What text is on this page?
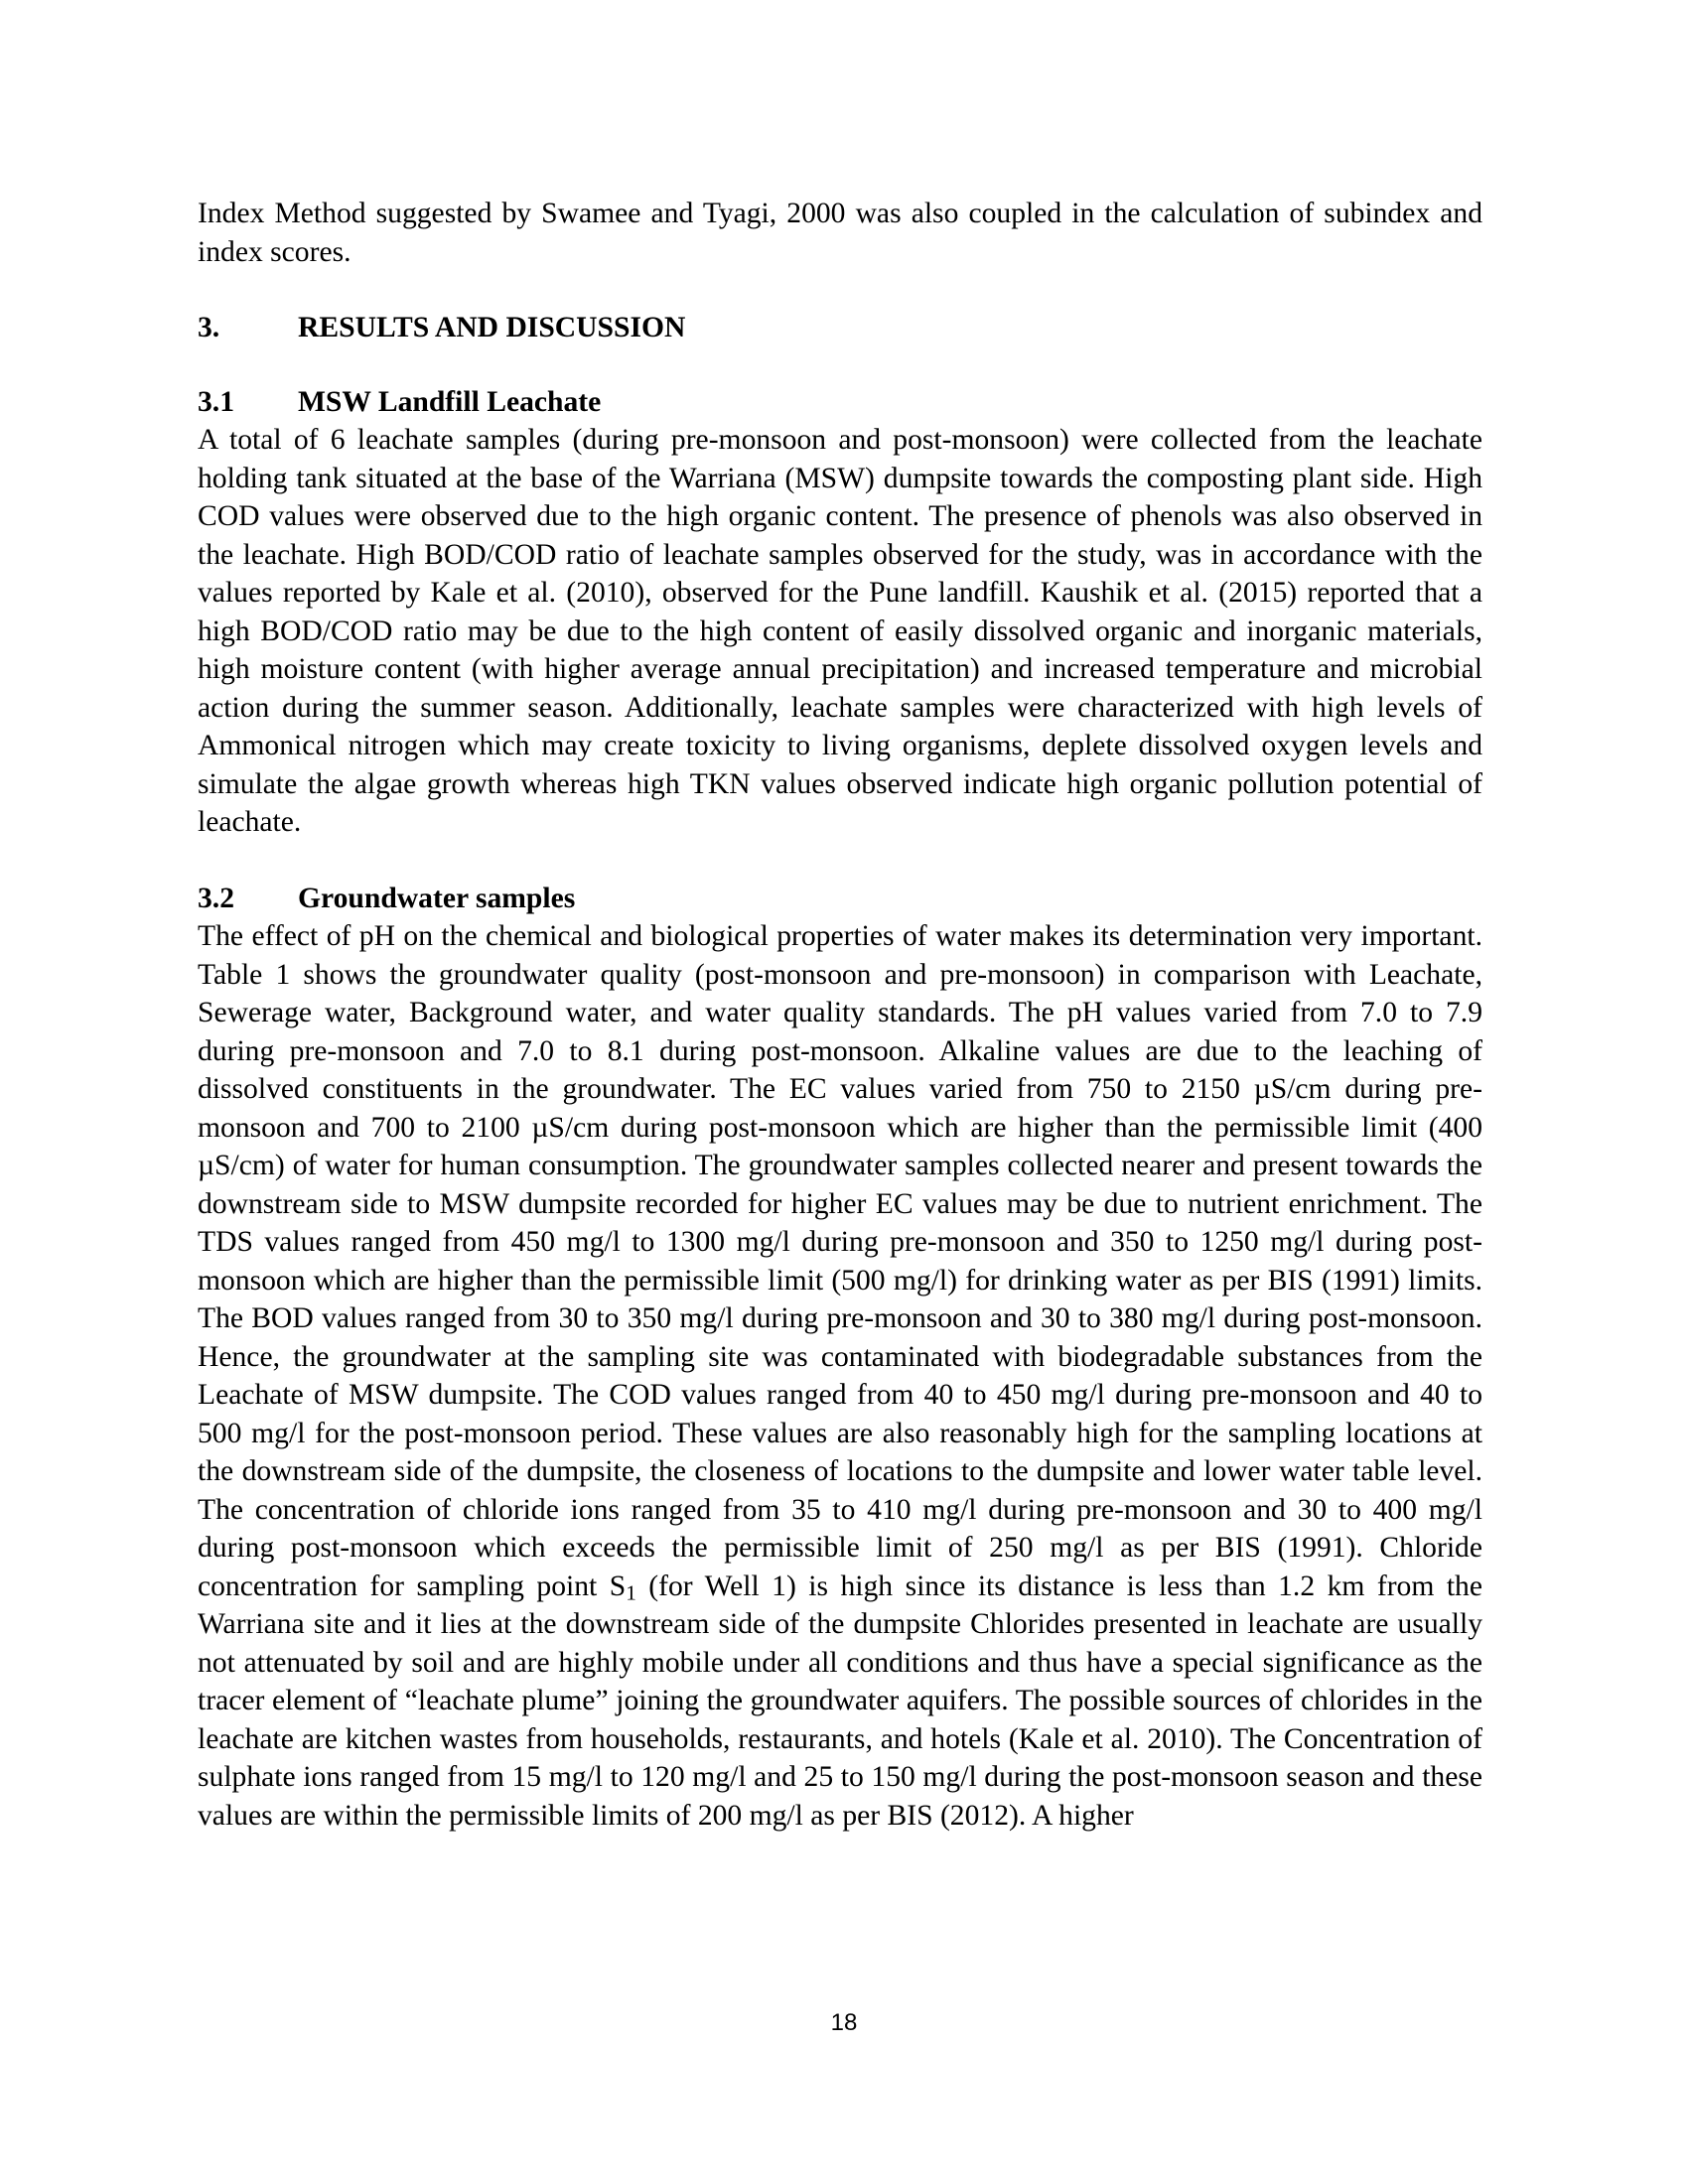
Index Method suggested by Swamee and Tyagi, 2000 was also coupled in the calculation of subindex and index scores.

3.	RESULTS AND DISCUSSION
3.1	MSW Landfill Leachate

A total of 6 leachate samples (during pre-monsoon and post-monsoon) were collected from the leachate holding tank situated at the base of the Warriana (MSW) dumpsite towards the composting plant side. High COD values were observed due to the high organic content. The presence of phenols was also observed in the leachate. High BOD/COD ratio of leachate samples observed for the study, was in accordance with the values reported by Kale et al. (2010), observed for the Pune landfill. Kaushik et al. (2015) reported that a high BOD/COD ratio may be due to the high content of easily dissolved organic and inorganic materials, high moisture content (with higher average annual precipitation) and increased temperature and microbial action during the summer season. Additionally, leachate samples were characterized with high levels of Ammonical nitrogen which may create toxicity to living organisms, deplete dissolved oxygen levels and simulate the algae growth whereas high TKN values observed indicate high organic pollution potential of leachate.

3.2	Groundwater samples

The effect of pH on the chemical and biological properties of water makes its determination very important. Table 1 shows the groundwater quality (post-monsoon and pre-monsoon) in comparison with Leachate, Sewerage water, Background water, and water quality standards. The pH values varied from 7.0 to 7.9 during pre-monsoon and 7.0 to 8.1 during post-monsoon. Alkaline values are due to the leaching of dissolved constituents in the groundwater. The EC values varied from 750 to 2150 µS/cm during pre-monsoon and 700 to 2100 µS/cm during post-monsoon which are higher than the permissible limit (400 µS/cm) of water for human consumption. The groundwater samples collected nearer and present towards the downstream side to MSW dumpsite recorded for higher EC values may be due to nutrient enrichment. The TDS values ranged from 450 mg/l to 1300 mg/l during pre-monsoon and 350 to 1250 mg/l during post-monsoon which are higher than the permissible limit (500 mg/l) for drinking water as per BIS (1991) limits. The BOD values ranged from 30 to 350 mg/l during pre-monsoon and 30 to 380 mg/l during post-monsoon. Hence, the groundwater at the sampling site was contaminated with biodegradable substances from the Leachate of MSW dumpsite. The COD values ranged from 40 to 450 mg/l during pre-monsoon and 40 to 500 mg/l for the post-monsoon period. These values are also reasonably high for the sampling locations at the downstream side of the dumpsite, the closeness of locations to the dumpsite and lower water table level. The concentration of chloride ions ranged from 35 to 410 mg/l during pre-monsoon and 30 to 400 mg/l during post-monsoon which exceeds the permissible limit of 250 mg/l as per BIS (1991). Chloride concentration for sampling point $S_1$ (for Well 1) is high since its distance is less than 1.2 km from the Warriana site and it lies at the downstream side of the dumpsite Chlorides presented in leachate are usually not attenuated by soil and are highly mobile under all conditions and thus have a special significance as the tracer element of “leachate plume” joining the groundwater aquifers. The possible sources of chlorides in the leachate are kitchen wastes from households, restaurants, and hotels (Kale et al. 2010). The Concentration of sulphate ions ranged from 15 mg/l to 120 mg/l and 25 to 150 mg/l during the post-monsoon season and these values are within the permissible limits of 200 mg/l as per BIS (2012). A higher

18
